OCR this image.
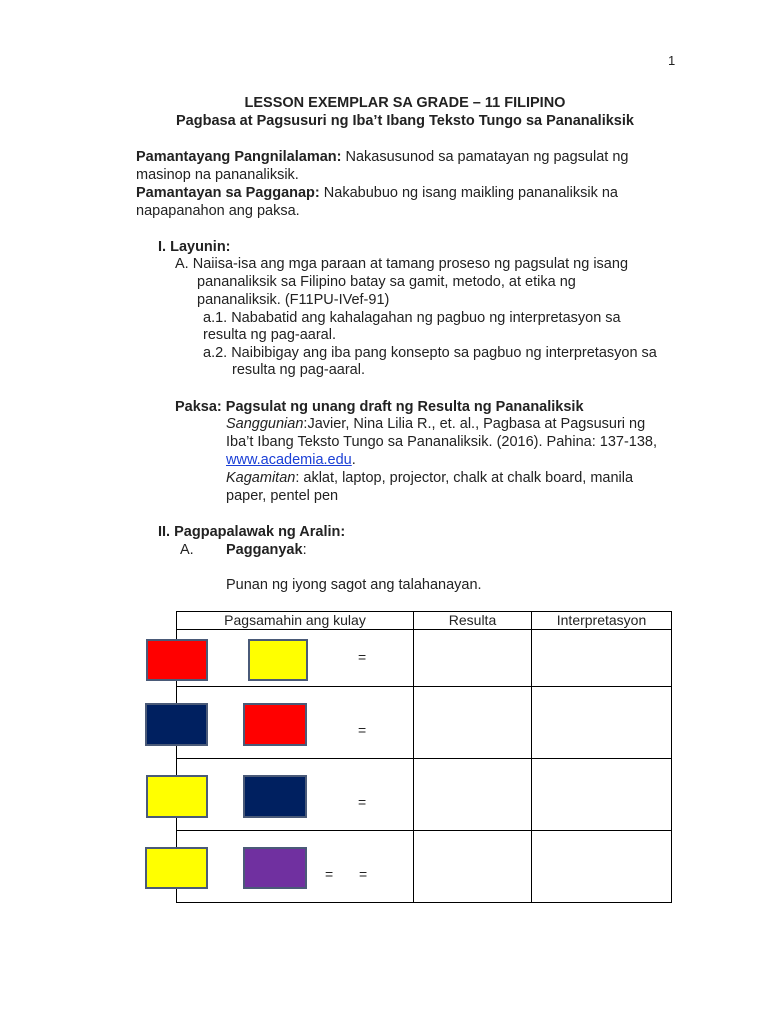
1
LESSON EXEMPLAR SA GRADE – 11 FILIPINO
Pagbasa at Pagsusuri ng Iba’t Ibang Teksto Tungo sa Pananaliksik
Pamantayang Pangnilalaman: Nakasusunod sa pamatayan ng pagsulat ng
masinop na pananaliksik.
Pamantayan sa Pagganap: Nakabubuo ng isang maikling pananaliksik na
napapanahon ang paksa.
I. Layunin:
A. Naiisa-isa ang mga paraan at tamang proseso ng pagsulat ng isang
pananaliksik sa Filipino batay sa gamit, metodo, at etika ng
pananaliksik. (F11PU-IVef-91)
a.1. Nababatid ang kahalagahan ng pagbuo ng interpretasyon sa
resulta ng pag-aaral.
a.2. Naibibigay ang iba pang konsepto sa pagbuo ng interpretasyon sa
resulta ng pag-aaral.
Paksa: Pagsulat ng unang draft ng Resulta ng Pananaliksik
Sanggunian:Javier, Nina Lilia R., et. al., Pagbasa at Pagsusuri ng
Iba’t Ibang Teksto Tungo sa Pananaliksik. (2016). Pahina: 137-138,
www.academia.edu.
Kagamitan: aklat, laptop, projector, chalk at chalk board, manila
paper, pentel pen
II. Pagpapalawak ng Aralin:
A. Pagganyak:
Punan ng iyong sagot ang talahanayan.
Pagsamahin ang kulay	Resulta	Interpretasyon

=
=
=
= =
